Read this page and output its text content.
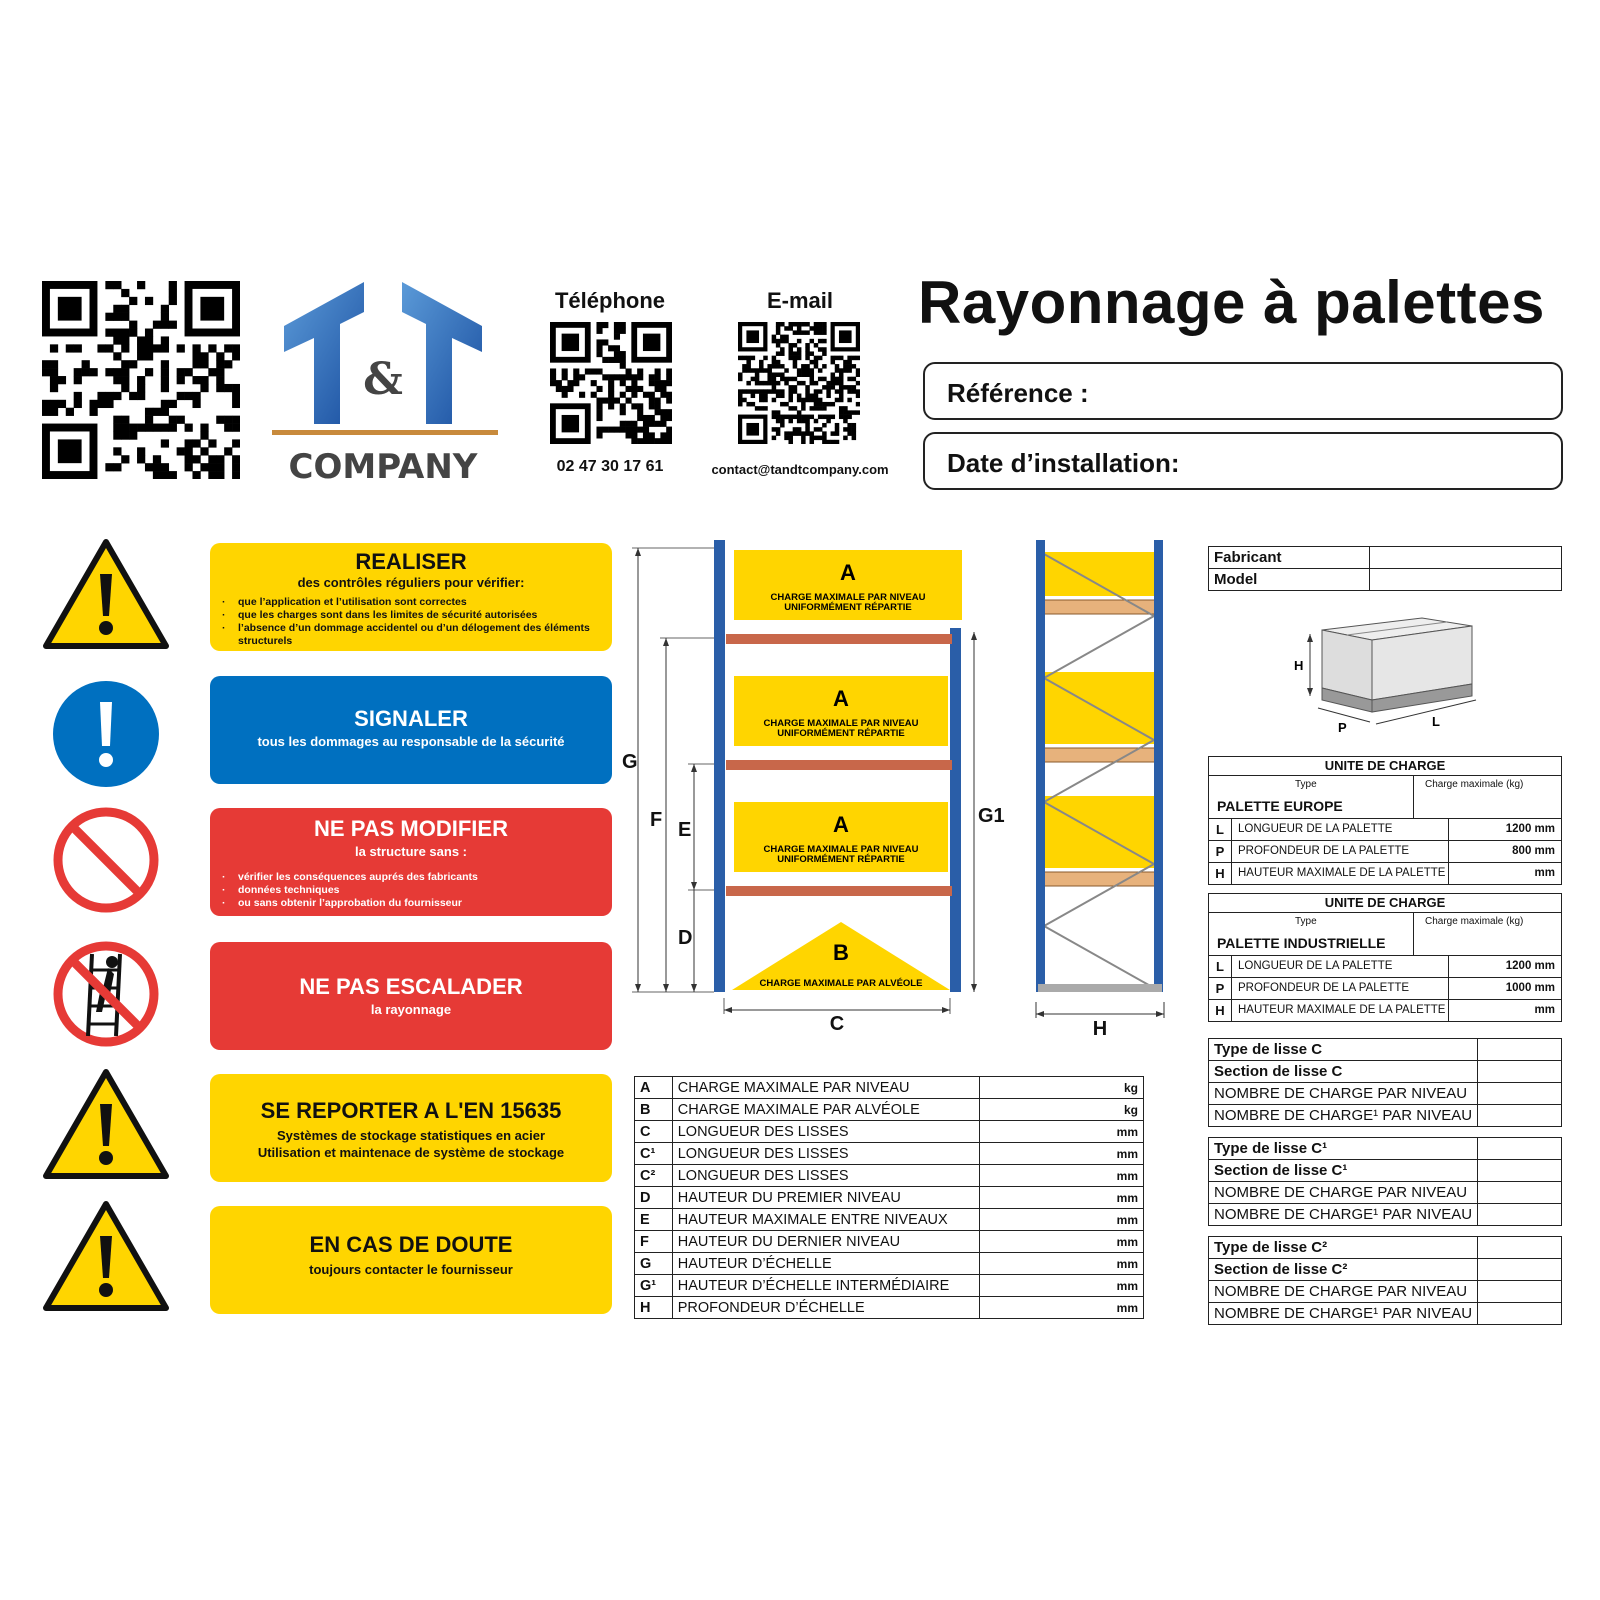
&
COMPANY
Téléphone
02 47 30 17 61
E-mail
contact@tandtcompany.com
Rayonnage à palettes
Référence :
Date d’installation:
REALISER
des contrôles réguliers pour vérifier:
· que l’application et l’utilisation sont correctes
· que les charges sont dans les limites de sécurité autorisées
· l’absence d’un dommage accidentel ou d’un délogement des éléments structurels
SIGNALER
tous les dommages au responsable de la sécurité
NE PAS MODIFIER
la structure sans :
· vérifier les conséquences auprés des fabricants
· données techniques
· ou sans obtenir l’approbation du fournisseur
NE PAS ESCALADER
la rayonnage
SE REPORTER A L'EN 15635
Systèmes de stockage statistiques en acier
Utilisation et maintenace de système de stockage
EN CAS DE DOUTE
toujours contacter le fournisseur
G
F E
D
G1
A
CHARGE MAXIMALE PAR NIVEAU
UNIFORMÉMENT RÉPARTIE
A
CHARGE MAXIMALE PAR NIVEAU
UNIFORMÉMENT RÉPARTIE
A
CHARGE MAXIMALE PAR NIVEAU
UNIFORMÉMENT RÉPARTIE
B
CHARGE MAXIMALE PAR ALVÉOLE
C	H
A	CHARGE MAXIMALE PAR NIVEAU	kg
B	CHARGE MAXIMALE PAR ALVÉOLE	kg
C	LONGUEUR DES LISSES	mm
C¹	LONGUEUR DES LISSES	mm
C²	LONGUEUR DES LISSES	mm
D	HAUTEUR DU PREMIER NIVEAU	mm
E	HAUTEUR MAXIMALE ENTRE NIVEAUX	mm
F	HAUTEUR DU DERNIER NIVEAU	mm
G	HAUTEUR D’ÉCHELLE	mm
G¹	HAUTEUR D’ÉCHELLE INTERMÉDIAIRE	mm
H	PROFONDEUR D’ÉCHELLE	mm
Fabricant	
Model	
H
P	L
UNITE DE CHARGE
Type	Charge maximale (kg)
PALETTE EUROPE
L	LONGUEUR DE LA PALETTE	1200 mm
P	PROFONDEUR DE LA PALETTE	800 mm
H	HAUTEUR MAXIMALE DE LA PALETTE	mm
UNITE DE CHARGE
Type	Charge maximale (kg)
PALETTE INDUSTRIELLE
L	LONGUEUR DE LA PALETTE	1200 mm
P	PROFONDEUR DE LA PALETTE	1000 mm
H	HAUTEUR MAXIMALE DE LA PALETTE	mm
Type de lisse C	
Section de lisse C	
NOMBRE DE CHARGE PAR NIVEAU	
NOMBRE DE CHARGE¹ PAR NIVEAU	
Type de lisse C¹	
Section de lisse C¹	
NOMBRE DE CHARGE PAR NIVEAU	
NOMBRE DE CHARGE¹ PAR NIVEAU	
Type de lisse C²	
Section de lisse C²	
NOMBRE DE CHARGE PAR NIVEAU	
NOMBRE DE CHARGE¹ PAR NIVEAU	
